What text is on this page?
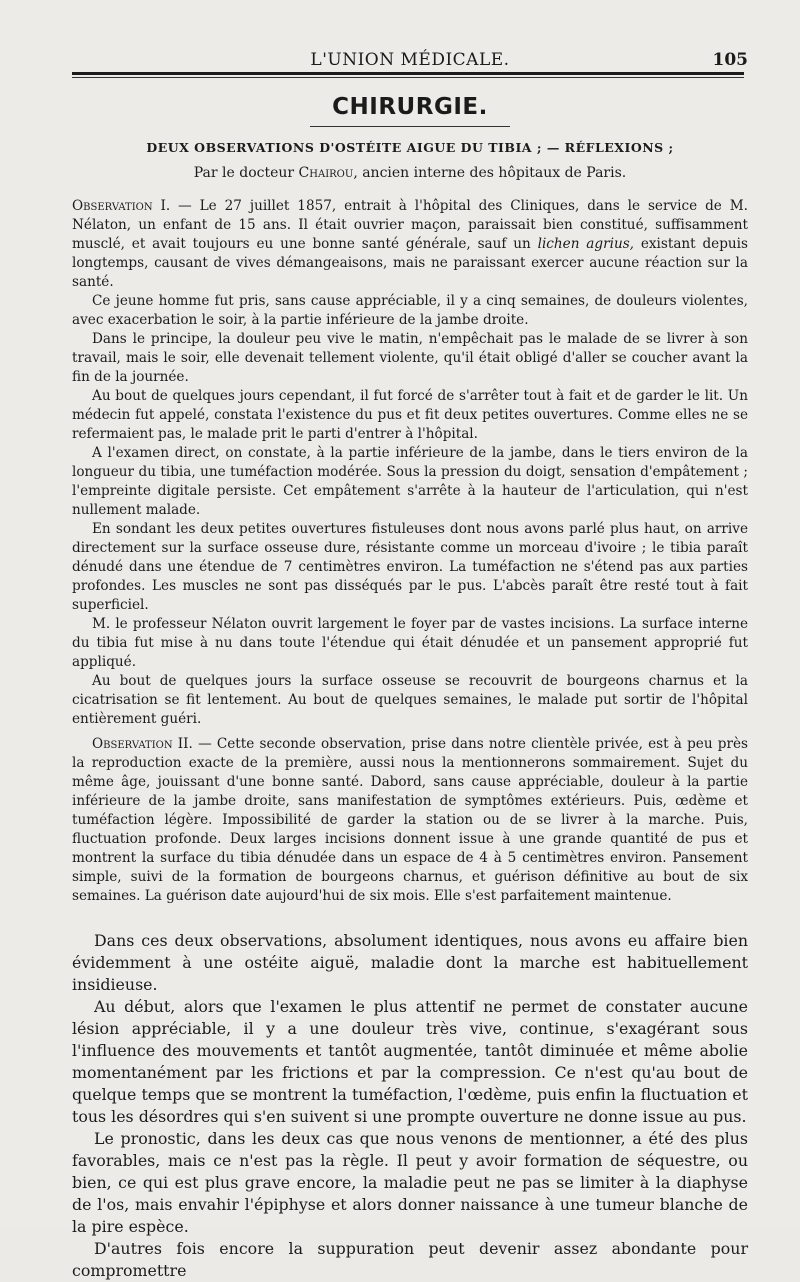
L'UNION MÉDICALE.	105
CHIRURGIE.
DEUX OBSERVATIONS D'OSTÉITE AIGUE DU TIBIA ; — RÉFLEXIONS ;
Par le docteur Chairou, ancien interne des hôpitaux de Paris.

Observation I. — Le 27 juillet 1857, entrait à l'hôpital des Cliniques, dans le service de M. Nélaton, un enfant de 15 ans. Il était ouvrier maçon, paraissait bien constitué, suffisamment musclé, et avait toujours eu une bonne santé générale, sauf un lichen agrius, existant depuis longtemps, causant de vives démangeaisons, mais ne paraissant exercer aucune réaction sur la santé.

Ce jeune homme fut pris, sans cause appréciable, il y a cinq semaines, de douleurs violentes, avec exacerbation le soir, à la partie inférieure de la jambe droite.

Dans le principe, la douleur peu vive le matin, n'empêchait pas le malade de se livrer à son travail, mais le soir, elle devenait tellement violente, qu'il était obligé d'aller se coucher avant la fin de la journée.

Au bout de quelques jours cependant, il fut forcé de s'arrêter tout à fait et de garder le lit. Un médecin fut appelé, constata l'existence du pus et fit deux petites ouvertures. Comme elles ne se refermaient pas, le malade prit le parti d'entrer à l'hôpital.

A l'examen direct, on constate, à la partie inférieure de la jambe, dans le tiers environ de la longueur du tibia, une tuméfaction modérée. Sous la pression du doigt, sensation d'empâtement ; l'empreinte digitale persiste. Cet empâtement s'arrête à la hauteur de l'articulation, qui n'est nullement malade.

En sondant les deux petites ouvertures fistuleuses dont nous avons parlé plus haut, on arrive directement sur la surface osseuse dure, résistante comme un morceau d'ivoire ; le tibia paraît dénudé dans une étendue de 7 centimètres environ. La tuméfaction ne s'étend pas aux parties profondes. Les muscles ne sont pas disséqués par le pus. L'abcès paraît être resté tout à fait superficiel.

M. le professeur Nélaton ouvrit largement le foyer par de vastes incisions. La surface interne du tibia fut mise à nu dans toute l'étendue qui était dénudée et un pansement approprié fut appliqué.

Au bout de quelques jours la surface osseuse se recouvrit de bourgeons charnus et la cicatrisation se fit lentement. Au bout de quelques semaines, le malade put sortir de l'hôpital entièrement guéri.

Observation II. — Cette seconde observation, prise dans notre clientèle privée, est à peu près la reproduction exacte de la première, aussi nous la mentionnerons sommairement. Sujet du même âge, jouissant d'une bonne santé. Dabord, sans cause appréciable, douleur à la partie inférieure de la jambe droite, sans manifestation de symptômes extérieurs. Puis, œdème et tuméfaction légère. Impossibilité de garder la station ou de se livrer à la marche. Puis, fluctuation profonde. Deux larges incisions donnent issue à une grande quantité de pus et montrent la surface du tibia dénudée dans un espace de 4 à 5 centimètres environ. Pansement simple, suivi de la formation de bourgeons charnus, et guérison définitive au bout de six semaines. La guérison date aujourd'hui de six mois. Elle s'est parfaitement maintenue.

Dans ces deux observations, absolument identiques, nous avons eu affaire bien évidemment à une ostéite aiguë, maladie dont la marche est habituellement insidieuse.

Au début, alors que l'examen le plus attentif ne permet de constater aucune lésion appréciable, il y a une douleur très vive, continue, s'exagérant sous l'influence des mouvements et tantôt augmentée, tantôt diminuée et même abolie momentanément par les frictions et par la compression. Ce n'est qu'au bout de quelque temps que se montrent la tuméfaction, l'œdème, puis enfin la fluctuation et tous les désordres qui s'en suivent si une prompte ouverture ne donne issue au pus.

Le pronostic, dans les deux cas que nous venons de mentionner, a été des plus favorables, mais ce n'est pas la règle. Il peut y avoir formation de séquestre, ou bien, ce qui est plus grave encore, la maladie peut ne pas se limiter à la diaphyse de l'os, mais envahir l'épiphyse et alors donner naissance à une tumeur blanche de la pire espèce.

D'autres fois encore la suppuration peut devenir assez abondante pour compromettre
